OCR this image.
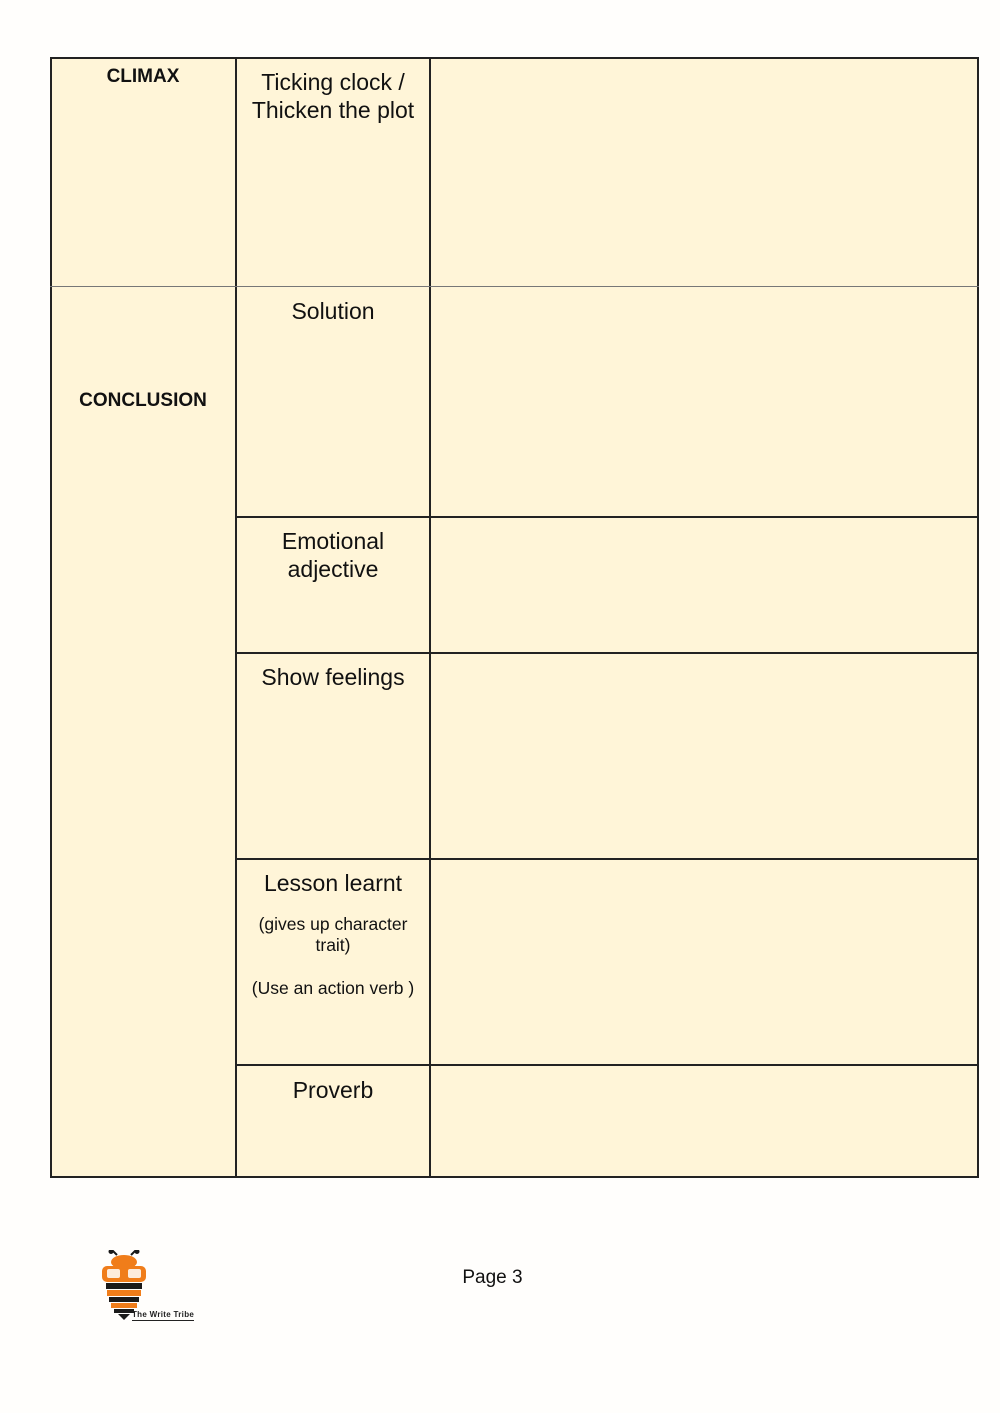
CLIMAX
CONCLUSION
Ticking clock /
Thicken the plot
Solution
Emotional
adjective
Show feelings
Lesson learnt
(gives up character
trait)
(Use an action verb )
Proverb
The Write Tribe
Page 3
